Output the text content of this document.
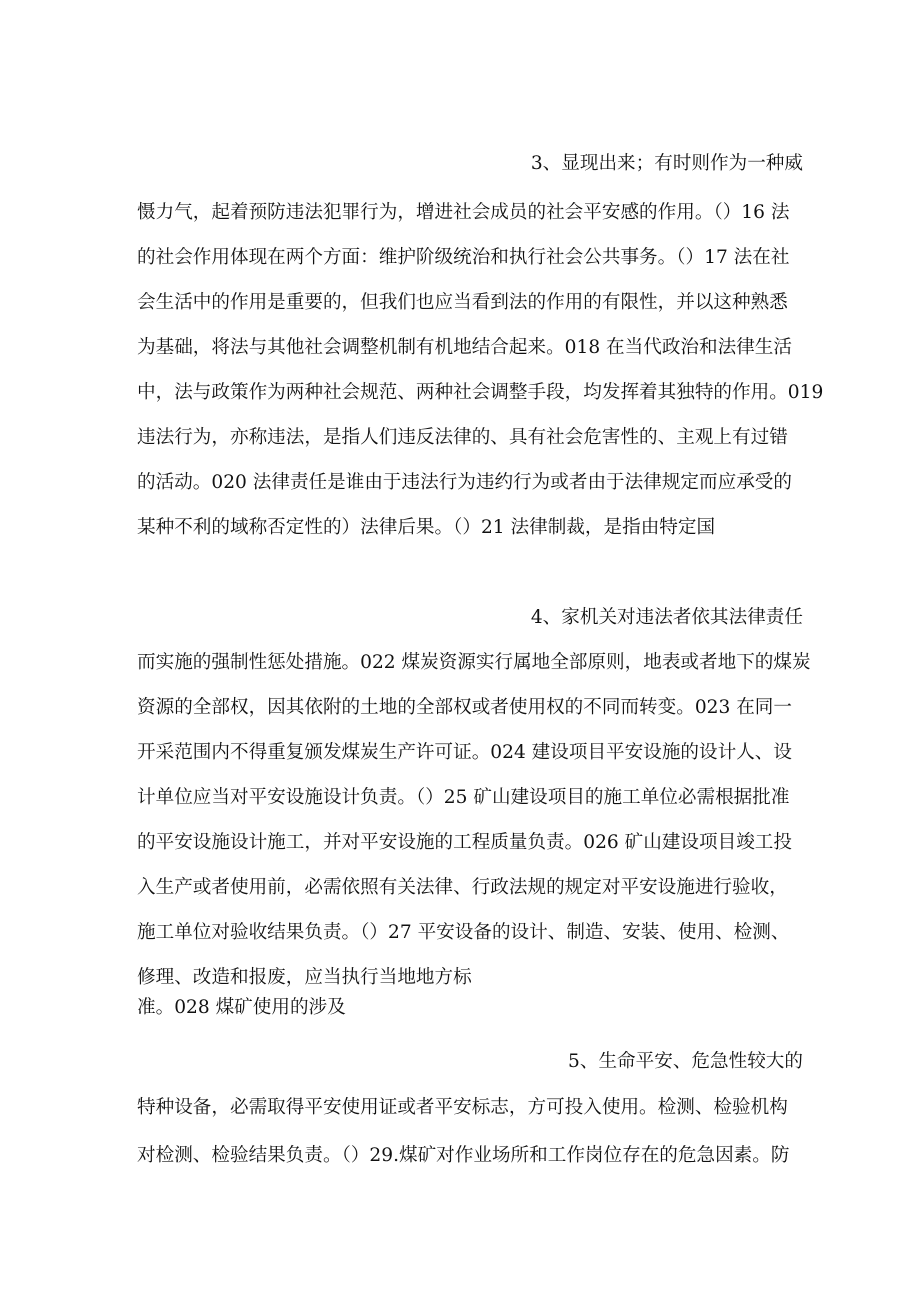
3、显现出来；有时则作为一种威
慑力气，起着预防违法犯罪行为，增进社会成员的社会平安感的作用。（）16 法
的社会作用体现在两个方面：维护阶级统治和执行社会公共事务。（）17 法在社
会生活中的作用是重要的，但我们也应当看到法的作用的有限性，并以这种熟悉
为基础，将法与其他社会调整机制有机地结合起来。018 在当代政治和法律生活
中，法与政策作为两种社会规范、两种社会调整手段，均发挥着其独特的作用。019
违法行为，亦称违法，是指人们违反法律的、具有社会危害性的、主观上有过错
的活动。020 法律责任是谁由于违法行为违约行为或者由于法律规定而应承受的
某种不利的域称否定性的）法律后果。（）21 法律制裁，是指由特定国
4、家机关对违法者依其法律责任
而实施的强制性惩处措施。022 煤炭资源实行属地全部原则，地表或者地下的煤炭
资源的全部权，因其依附的土地的全部权或者使用权的不同而转变。023 在同一
开采范围内不得重复颁发煤炭生产许可证。024 建设项目平安设施的设计人、设
计单位应当对平安设施设计负责。（）25 矿山建设项目的施工单位必需根据批准
的平安设施设计施工，并对平安设施的工程质量负责。026 矿山建设项目竣工投
入生产或者使用前，必需依照有关法律、行政法规的规定对平安设施进行验收，
施工单位对验收结果负责。（）27 平安设备的设计、制造、安装、使用、检测、
修理、改造和报废，应当执行当地地方标
准。028 煤矿使用的涉及
5、生命平安、危急性较大的
特种设备，必需取得平安使用证或者平安标志，方可投入使用。检测、检验机构
对检测、检验结果负责。（）29.煤矿对作业场所和工作岗位存在的危急因素。防
